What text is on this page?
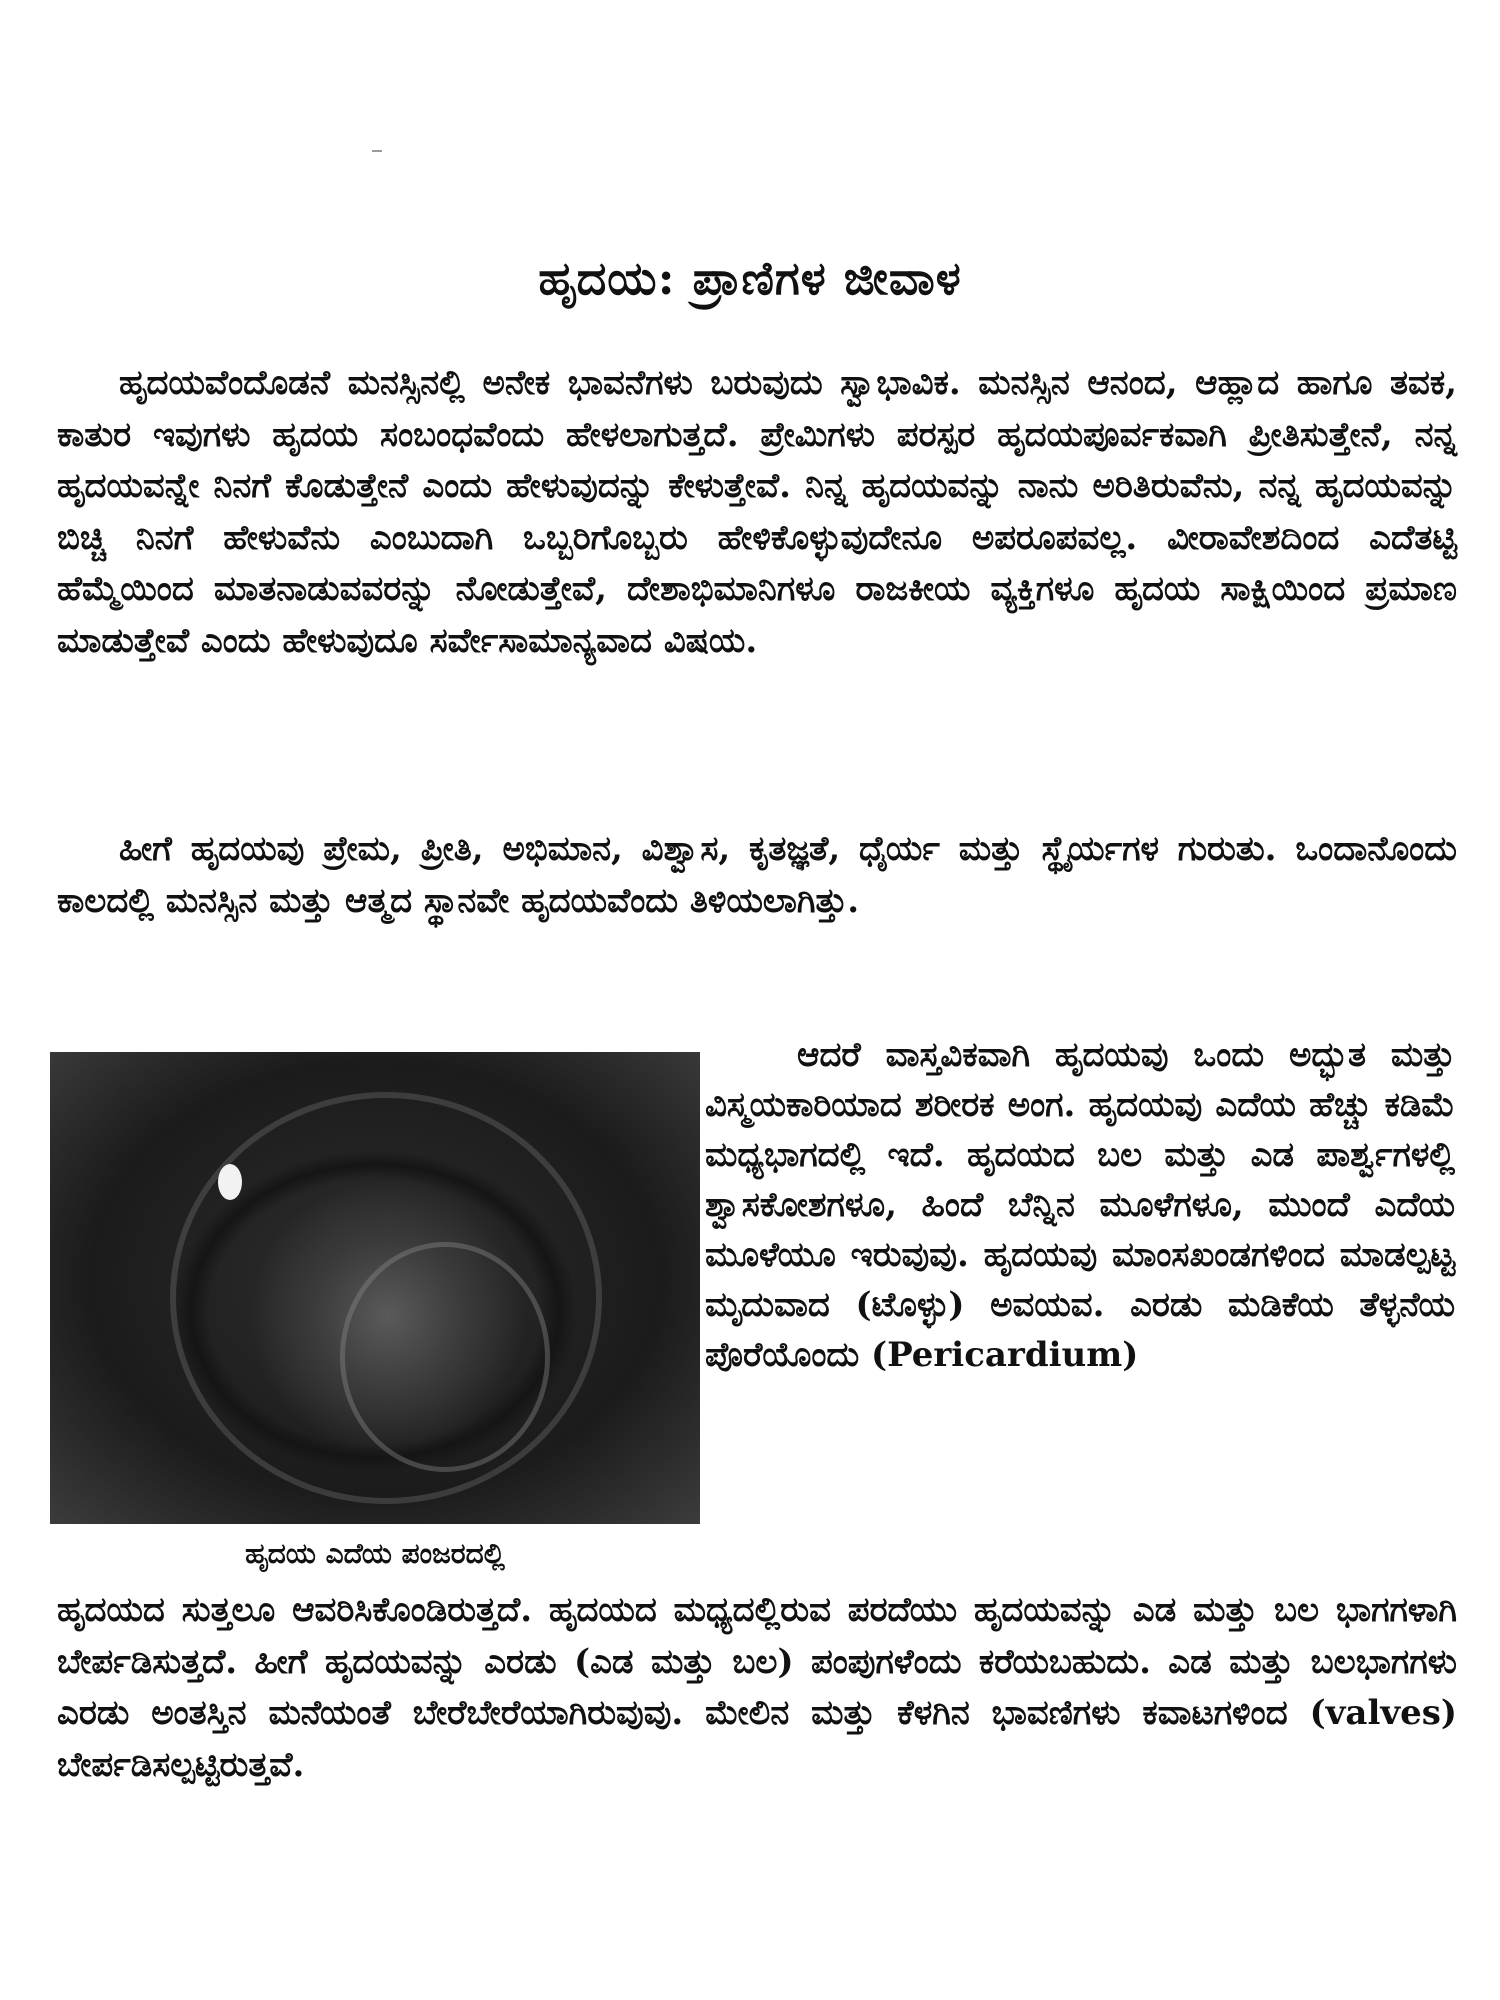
ಹೃದಯ: ಪ್ರಾಣಿಗಳ ಜೀವಾಳ

ಹೃದಯವೆಂದೊಡನೆ ಮನಸ್ಸಿನಲ್ಲಿ ಅನೇಕ ಭಾವನೆಗಳು ಬರುವುದು ಸ್ವಾಭಾವಿಕ. ಮನಸ್ಸಿನ ಆನಂದ, ಆಹ್ಲಾದ ಹಾಗೂ ತವಕ, ಕಾತುರ ಇವುಗಳು ಹೃದಯ ಸಂಬಂಧವೆಂದು ಹೇಳಲಾಗುತ್ತದೆ. ಪ್ರೇಮಿಗಳು ಪರಸ್ಪರ ಹೃದಯಪೂರ್ವಕವಾಗಿ ಪ್ರೀತಿಸುತ್ತೇನೆ, ನನ್ನ ಹೃದಯವನ್ನೇ ನಿನಗೆ ಕೊಡುತ್ತೇನೆ ಎಂದು ಹೇಳುವುದನ್ನು ಕೇಳುತ್ತೇವೆ. ನಿನ್ನ ಹೃದಯವನ್ನು ನಾನು ಅರಿತಿರುವೆನು, ನನ್ನ ಹೃದಯವನ್ನು ಬಿಚ್ಚಿ ನಿನಗೆ ಹೇಳುವೆನು ಎಂಬುದಾಗಿ ಒಬ್ಬರಿಗೊಬ್ಬರು ಹೇಳಿಕೊಳ್ಳುವುದೇನೂ ಅಪರೂಪವಲ್ಲ. ವೀರಾವೇಶದಿಂದ ಎದೆತಟ್ಟಿ ಹೆಮ್ಮೆಯಿಂದ ಮಾತನಾಡುವವರನ್ನು ನೋಡುತ್ತೇವೆ, ದೇಶಾಭಿಮಾನಿಗಳೂ ರಾಜಕೀಯ ವ್ಯಕ್ತಿಗಳೂ ಹೃದಯ ಸಾಕ್ಷಿಯಿಂದ ಪ್ರಮಾಣ ಮಾಡುತ್ತೇವೆ ಎಂದು ಹೇಳುವುದೂ ಸರ್ವೇಸಾಮಾನ್ಯವಾದ ವಿಷಯ.

ಹೀಗೆ ಹೃದಯವು ಪ್ರೇಮ, ಪ್ರೀತಿ, ಅಭಿಮಾನ, ವಿಶ್ವಾಸ, ಕೃತಜ್ಞತೆ, ಧೈರ್ಯ ಮತ್ತು ಸ್ಥೈರ್ಯಗಳ ಗುರುತು. ಒಂದಾನೊಂದು ಕಾಲದಲ್ಲಿ ಮನಸ್ಸಿನ ಮತ್ತು ಆತ್ಮದ ಸ್ಥಾನವೇ ಹೃದಯವೆಂದು ತಿಳಿಯಲಾಗಿತ್ತು.

ಹೃದಯ ಎದೆಯ ಪಂಜರದಲ್ಲಿ

ಆದರೆ ವಾಸ್ತವಿಕವಾಗಿ ಹೃದಯವು ಒಂದು ಅದ್ಭುತ ಮತ್ತು ವಿಸ್ಮಯಕಾರಿಯಾದ ಶರೀರಕ ಅಂಗ. ಹೃದಯವು ಎದೆಯ ಹೆಚ್ಚು ಕಡಿಮೆ ಮಧ್ಯಭಾಗದಲ್ಲಿ ಇದೆ. ಹೃದಯದ ಬಲ ಮತ್ತು ಎಡ ಪಾರ್ಶ್ವಗಳಲ್ಲಿ ಶ್ವಾಸಕೋಶಗಳೂ, ಹಿಂದೆ ಬೆನ್ನಿನ ಮೂಳೆಗಳೂ, ಮುಂದೆ ಎದೆಯ ಮೂಳೆಯೂ ಇರುವುವು. ಹೃದಯವು ಮಾಂಸಖಂಡಗಳಿಂದ ಮಾಡಲ್ಪಟ್ಟ ಮೃದುವಾದ (ಟೊಳ್ಳು) ಅವಯವ. ಎರಡು ಮಡಿಕೆಯ ತೆಳ್ಳನೆಯ ಪೊರೆಯೊಂದು (Pericardium)

ಹೃದಯದ ಸುತ್ತಲೂ ಆವರಿಸಿಕೊಂಡಿರುತ್ತದೆ. ಹೃದಯದ ಮಧ್ಯದಲ್ಲಿರುವ ಪರದೆಯು ಹೃದಯವನ್ನು ಎಡ ಮತ್ತು ಬಲ ಭಾಗಗಳಾಗಿ ಬೇರ್ಪಡಿಸುತ್ತದೆ. ಹೀಗೆ ಹೃದಯವನ್ನು ಎರಡು (ಎಡ ಮತ್ತು ಬಲ) ಪಂಪುಗಳೆಂದು ಕರೆಯಬಹುದು. ಎಡ ಮತ್ತು ಬಲಭಾಗಗಳು ಎರಡು ಅಂತಸ್ತಿನ ಮನೆಯಂತೆ ಬೇರೆಬೇರೆಯಾಗಿರುವುವು. ಮೇಲಿನ ಮತ್ತು ಕೆಳಗಿನ ಭಾವಣಿಗಳು ಕವಾಟಗಳಿಂದ (valves) ಬೇರ್ಪಡಿಸಲ್ಪಟ್ಟಿರುತ್ತವೆ.
